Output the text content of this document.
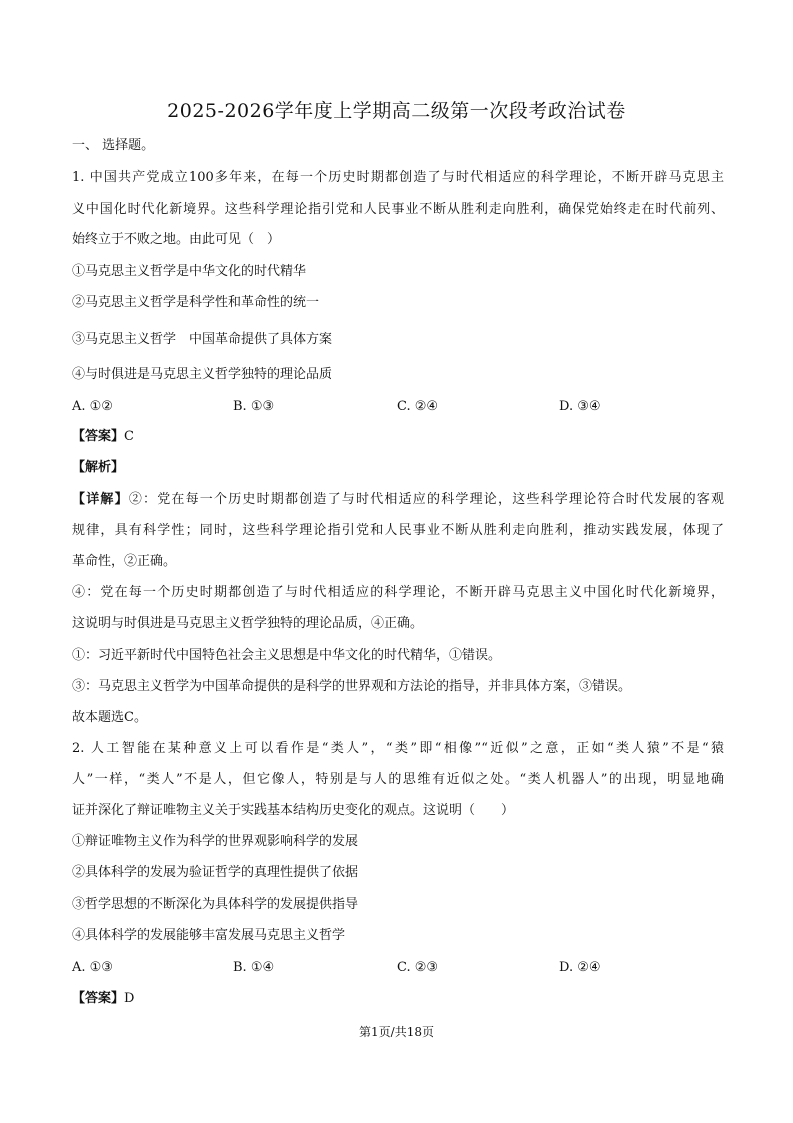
2025-2026学年度上学期高二级第一次段考政治试卷
一、 选择题。
1. 中国共产党成立100多年来，在每一个历史时期都创造了与时代相适应的科学理论，不断开辟马克思主
义中国化时代化新境界。这些科学理论指引党和人民事业不断从胜利走向胜利，确保党始终走在时代前列、
始终立于不败之地。由此可见（　）
①马克思主义哲学是中华文化的时代精华
②马克思主义哲学是科学性和革命性的统一
③马克思主义哲学　中国革命提供了具体方案
④与时俱进是马克思主义哲学独特的理论品质
A. ①②	B. ①③	C. ②④	D. ③④
【答案】C
【解析】
【详解】②：党在每一个历史时期都创造了与时代相适应的科学理论，这些科学理论符合时代发展的客观
规律，具有科学性；同时，这些科学理论指引党和人民事业不断从胜利走向胜利，推动实践发展，体现了
革命性，②正确。
④：党在每一个历史时期都创造了与时代相适应的科学理论，不断开辟马克思主义中国化时代化新境界，
这说明与时俱进是马克思主义哲学独特的理论品质，④正确。
①：习近平新时代中国特色社会主义思想是中华文化的时代精华，①错误。
③：马克思主义哲学为中国革命提供的是科学的世界观和方法论的指导，并非具体方案，③错误。
故本题选C。
2. 人工智能在某种意义上可以看作是“类人”，“类”即“相像”“近似”之意，正如“类人猿”不是“猿
人”一样，“类人”不是人，但它像人，特别是与人的思维有近似之处。“类人机器人”的出现，明显地确
证并深化了辩证唯物主义关于实践基本结构历史变化的观点。这说明（　　）
①辩证唯物主义作为科学的世界观影响科学的发展
②具体科学的发展为验证哲学的真理性提供了依据
③哲学思想的不断深化为具体科学的发展提供指导
④具体科学的发展能够丰富发展马克思主义哲学
A. ①③	B. ①④	C. ②③	D. ②④
【答案】D
第1页/共18页
